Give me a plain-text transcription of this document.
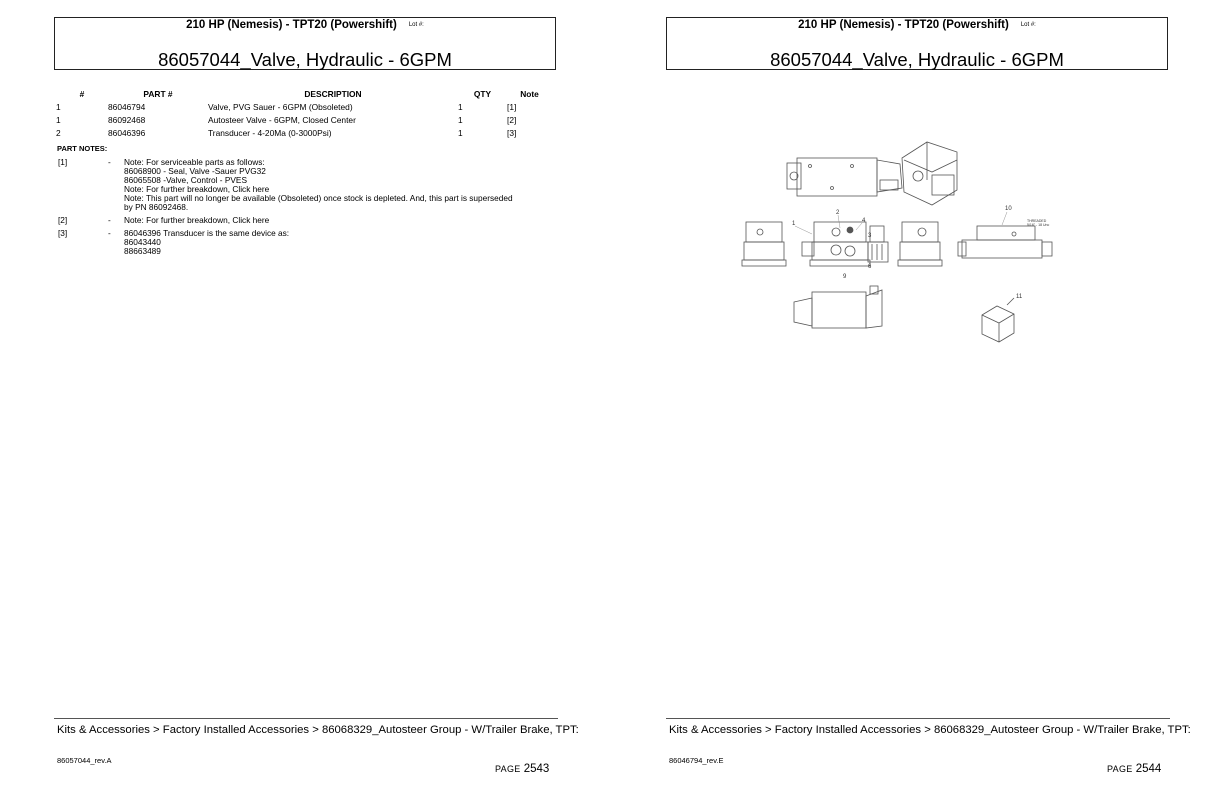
210 HP (Nemesis) - TPT20 (Powershift) Lot #:
86057044_Valve, Hydraulic - 6GPM
#	PART #	DESCRIPTION	QTY	Note
1	86046794	Valve, PVG Sauer - 6GPM (Obsoleted)	1	[1]
1	86092468	Autosteer Valve - 6GPM, Closed Center	1	[2]
2	86046396	Transducer - 4-20Ma (0-3000Psi)	1	[3]
PART NOTES:
[1]	- Note: For serviceable parts as follows:
86068900 - Seal, Valve -Sauer PVG32
86065508 -Valve, Control - PVES
Note: For further breakdown, Click here
Note: This part will no longer be available (Obsoleted) once stock is depleted. And, this part is superseded
by PN 86092468.
[2]	- Note: For further breakdown, Click here
[3]	- 86046396 Transducer is the same device as:
86043440
88663489
Kits & Accessories > Factory Installed Accessories > 86068329_Autosteer Group - W/Trailer Brake, TPT:
86057044_rev.A
PAGE 2543
210 HP (Nemesis) - TPT20 (Powershift) Lot #:
86057044_Valve, Hydraulic - 6GPM
1
2
4
3
6
9
10
11
THREADED
5/16" - 18 Unc
Kits & Accessories > Factory Installed Accessories > 86068329_Autosteer Group - W/Trailer Brake, TPT:
86046794_rev.E
PAGE 2544
